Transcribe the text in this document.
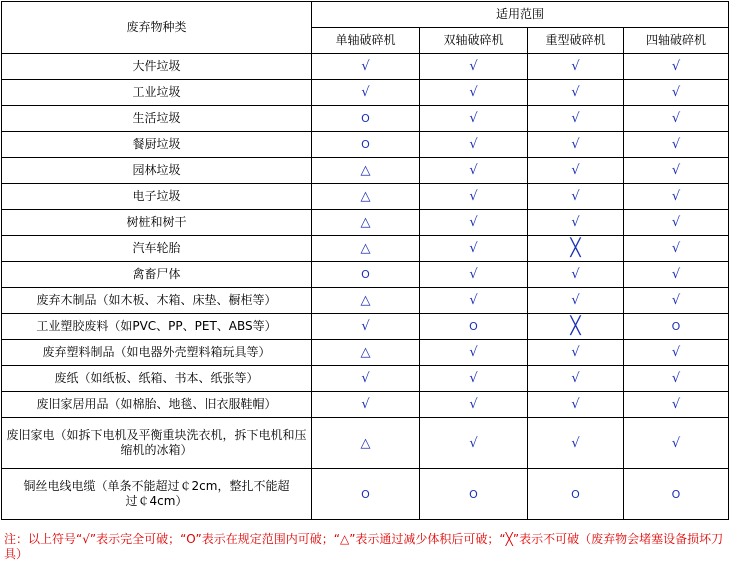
废弃物种类	适用范围			
	单轴破碎机	双轴破碎机	重型破碎机	四轴破碎机
大件垃圾	√	√	√	√
工业垃圾	√	√	√	√
生活垃圾	O	√	√	√
餐厨垃圾	O	√	√	√
园林垃圾	△	√	√	√
电子垃圾	△	√	√	√
树桩和树干	△	√	√	√
汽车轮胎	△	√	╳	√
禽畜尸体	O	√	√	√
废弃木制品（如木板、木箱、床垫、橱柜等）	△	√	√	√
工业塑胶废料（如PVC、PP、PET、ABS等）	√	O	╳	O
废弃塑料制品（如电器外壳塑料箱玩具等）	△	√	√	√
废纸（如纸板、纸箱、书本、纸张等）	√	√	√	√
废旧家居用品（如棉胎、地毯、旧衣服鞋帽）	√	√	√	√
废旧家电（如拆下电机及平衡重块洗衣机，拆下电机和压缩机的冰箱）	△	√	√	√
铜丝电线电缆（单条不能超过￠2cm，整扎不能超过￠4cm）	O	O	O	O
注：以上符号“√”表示完全可破；“O”表示在规定范围内可破；“△”表示通过减少体积后可破；“╳”表示不可破（废弃物会堵塞设备损坏刀具）
